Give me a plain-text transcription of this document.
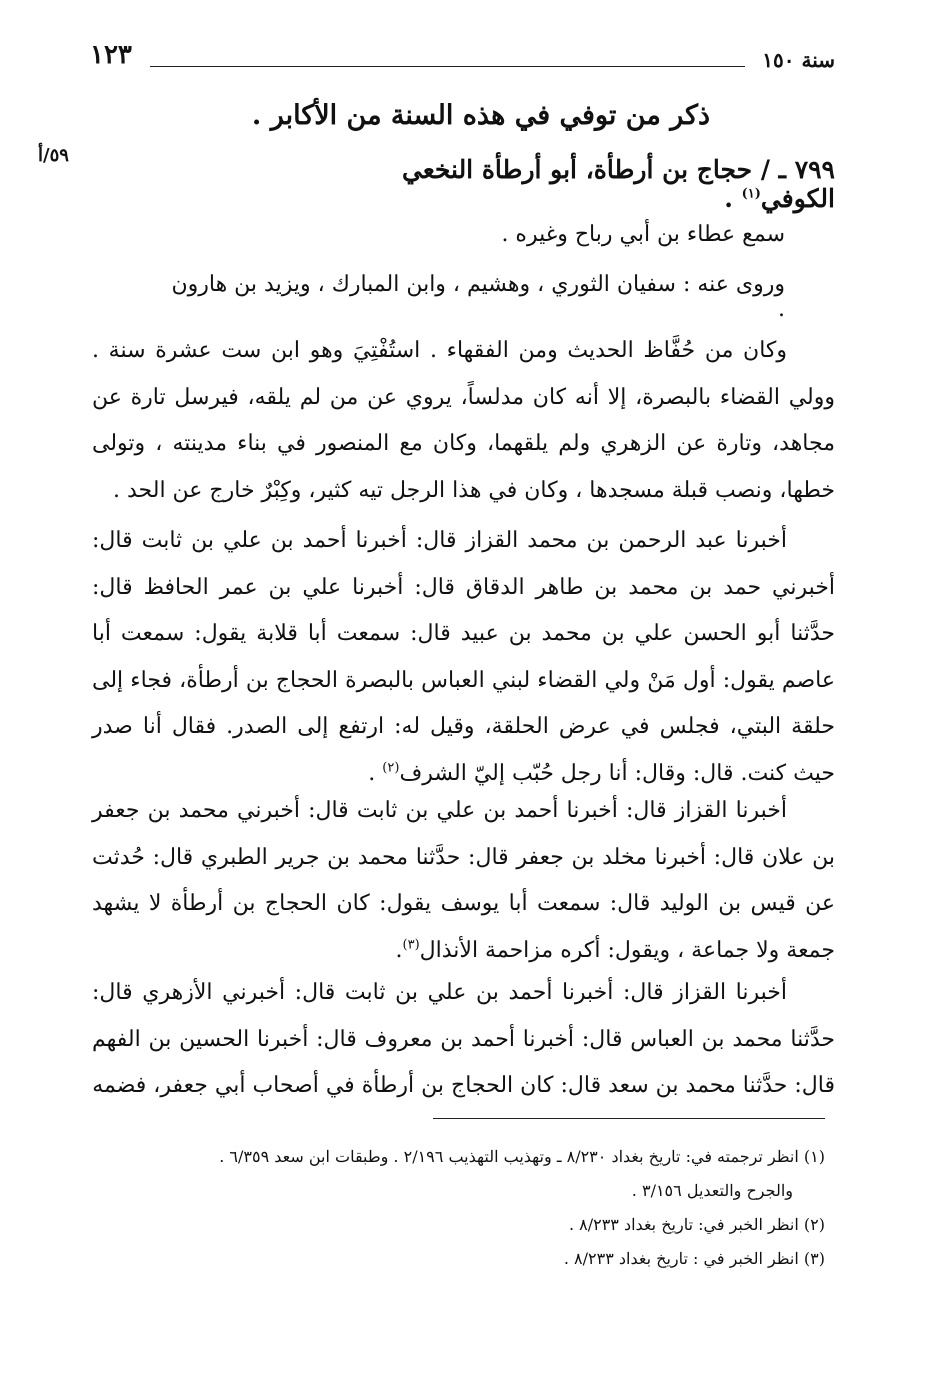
١٢٣	سنة ١٥٠
٥٩/أ
ذكر من توفي في هذه السنة من الأكابر .
٧٩٩ ـ / حجاج بن أرطأة، أبو أرطأة النخعي الكوفي$^{(١)}$ .
سمع عطاء بن أبي رباح وغيره .
وروى عنه : سفيان الثوري ، وهشيم ، وابن المبارك ، ويزيد بن هارون .
وكان من حُفَّاظ الحديث ومن الفقهاء . استُفْتِيَ وهو ابن ست عشرة سنة . وولي القضاء بالبصرة، إلا أنه كان مدلساً، يروي عن من لم يلقه، فيرسل تارة عن مجاهد، وتارة عن الزهري ولم يلقهما، وكان مع المنصور في بناء مدينته ، وتولى خطها، ونصب قبلة مسجدها ، وكان في هذا الرجل تيه كثير، وكِبْرٌ خارج عن الحد .
أخبرنا عبد الرحمن بن محمد القزاز قال: أخبرنا أحمد بن علي بن ثابت قال: أخبرني حمد بن محمد بن طاهر الدقاق قال: أخبرنا علي بن عمر الحافظ قال: حدَّثنا أبو الحسن علي بن محمد بن عبيد قال: سمعت أبا قلابة يقول: سمعت أبا عاصم يقول: أول مَنْ ولي القضاء لبني العباس بالبصرة الحجاج بن أرطأة، فجاء إلى حلقة البتي، فجلس في عرض الحلقة، وقيل له: ارتفع إلى الصدر. فقال أنا صدر حيث كنت. قال: وقال: أنا رجل حُبّب إليّ الشرف$^{(٢)}$ .
أخبرنا القزاز قال: أخبرنا أحمد بن علي بن ثابت قال: أخبرني محمد بن جعفر بن علان قال: أخبرنا مخلد بن جعفر قال: حدَّثنا محمد بن جرير الطبري قال: حُدثت عن قيس بن الوليد قال: سمعت أبا يوسف يقول: كان الحجاج بن أرطأة لا يشهد جمعة ولا جماعة ، ويقول: أكره مزاحمة الأنذال$^{(٣)}$.
أخبرنا القزاز قال: أخبرنا أحمد بن علي بن ثابت قال: أخبرني الأزهري قال: حدَّثنا محمد بن العباس قال: أخبرنا أحمد بن معروف قال: أخبرنا الحسين بن الفهم قال: حدَّثنا محمد بن سعد قال: كان الحجاج بن أرطأة في أصحاب أبي جعفر، فضمه
(١) انظر ترجمته في: تاريخ بغداد ٨/٢٣٠ ـ وتهذيب التهذيب ٢/١٩٦ . وطبقات ابن سعد ٦/٣٥٩ .
والجرح والتعديل ٣/١٥٦ .
(٢) انظر الخبر في: تاريخ بغداد ٨/٢٣٣ .
(٣) انظر الخبر في : تاريخ بغداد ٨/٢٣٣ .
